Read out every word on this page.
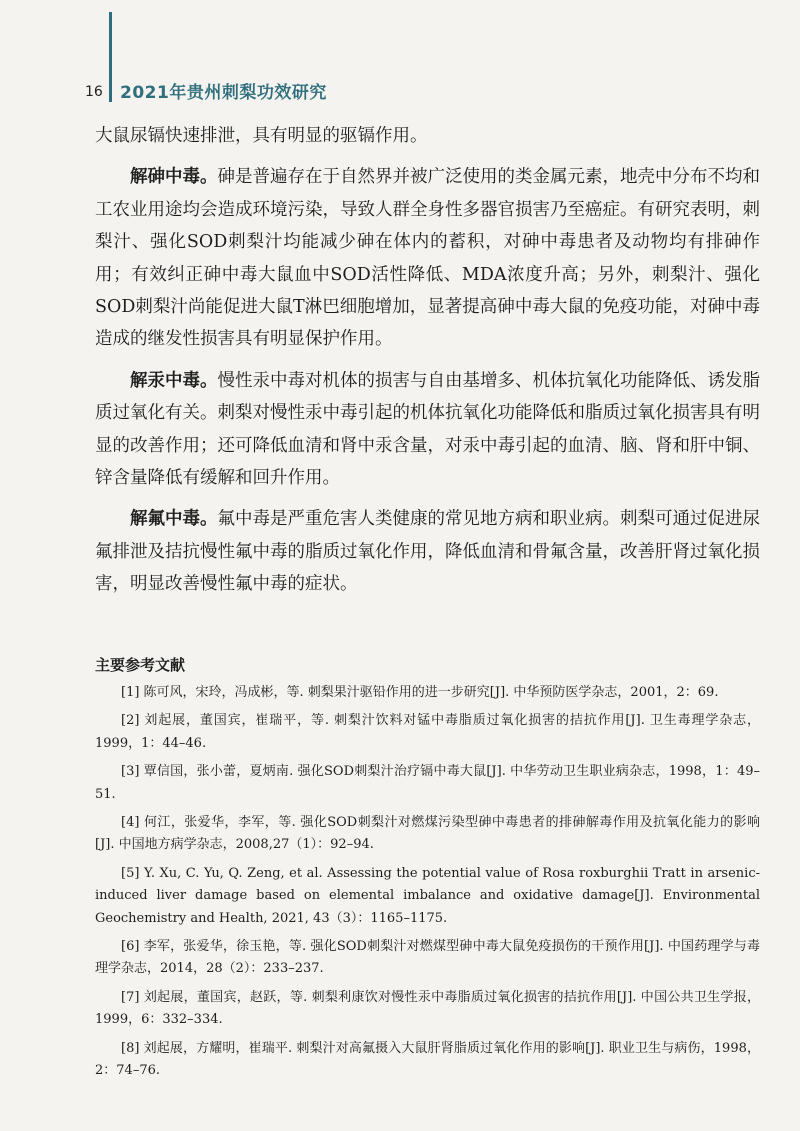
16 2021年贵州刺梨功效研究

大鼠尿镉快速排泄，具有明显的驱镉作用。

解砷中毒。砷是普遍存在于自然界并被广泛使用的类金属元素，地壳中分布不均和工农业用途均会造成环境污染，导致人群全身性多器官损害乃至癌症。有研究表明，刺梨汁、强化SOD刺梨汁均能减少砷在体内的蓄积，对砷中毒患者及动物均有排砷作用；有效纠正砷中毒大鼠血中SOD活性降低、MDA浓度升高；另外，刺梨汁、强化SOD刺梨汁尚能促进大鼠T淋巴细胞增加，显著提高砷中毒大鼠的免疫功能，对砷中毒造成的继发性损害具有明显保护作用。

解汞中毒。慢性汞中毒对机体的损害与自由基增多、机体抗氧化功能降低、诱发脂质过氧化有关。刺梨对慢性汞中毒引起的机体抗氧化功能降低和脂质过氧化损害具有明显的改善作用；还可降低血清和肾中汞含量，对汞中毒引起的血清、脑、肾和肝中铜、锌含量降低有缓解和回升作用。

解氟中毒。氟中毒是严重危害人类健康的常见地方病和职业病。刺梨可通过促进尿氟排泄及拮抗慢性氟中毒的脂质过氧化作用，降低血清和骨氟含量，改善肝肾过氧化损害，明显改善慢性氟中毒的症状。

主要参考文献

[1] 陈可风，宋玲，冯成彬，等. 刺梨果汁驱铅作用的进一步研究[J]. 中华预防医学杂志，2001，2：69.

[2] 刘起展，董国宾，崔瑞平，等. 刺梨汁饮料对锰中毒脂质过氧化损害的拮抗作用[J]. 卫生毒理学杂志，1999，1：44–46.

[3] 覃信国，张小蕾，夏炳南. 强化SOD刺梨汁治疗镉中毒大鼠[J]. 中华劳动卫生职业病杂志，1998，1：49–51.

[4] 何江，张爱华，李军，等. 强化SOD刺梨汁对燃煤污染型砷中毒患者的排砷解毒作用及抗氧化能力的影响[J]. 中国地方病学杂志，2008,27（1）：92–94.

[5] Y. Xu, C. Yu, Q. Zeng, et al. Assessing the potential value of Rosa roxburghii Tratt in arsenic-induced liver damage based on elemental imbalance and oxidative damage[J]. Environmental Geochemistry and Health, 2021, 43（3）：1165–1175.

[6] 李军，张爱华，徐玉艳，等. 强化SOD刺梨汁对燃煤型砷中毒大鼠免疫损伤的干预作用[J]. 中国药理学与毒理学杂志，2014，28（2）：233–237.

[7] 刘起展，董国宾，赵跃，等. 刺梨利康饮对慢性汞中毒脂质过氧化损害的拮抗作用[J]. 中国公共卫生学报，1999，6：332–334.

[8] 刘起展，方耀明，崔瑞平. 刺梨汁对高氟摄入大鼠肝肾脂质过氧化作用的影响[J]. 职业卫生与病伤，1998，2：74–76.
